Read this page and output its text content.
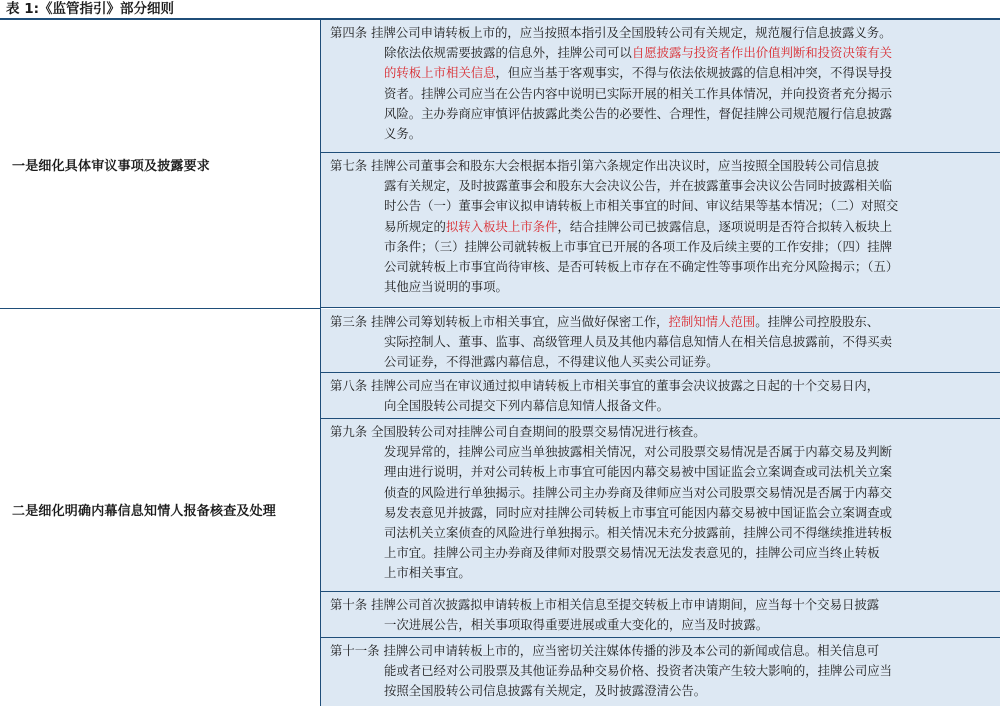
表 1:《监管指引》部分细则
一是细化具体审议事项及披露要求

第四条 挂牌公司申请转板上市的，应当按照本指引及全国股转公司有关规定，规范履行信息披露义务。

除依法依规需要披露的信息外，挂牌公司可以自愿披露与投资者作出价值判断和投资决策有关

的转板上市相关信息，但应当基于客观事实，不得与依法依规披露的信息相冲突，不得误导投

资者。挂牌公司应当在公告内容中说明已实际开展的相关工作具体情况，并向投资者充分揭示

风险。主办券商应审慎评估披露此类公告的必要性、合理性，督促挂牌公司规范履行信息披露

义务。

第七条 挂牌公司董事会和股东大会根据本指引第六条规定作出决议时，应当按照全国股转公司信息披

露有关规定，及时披露董事会和股东大会决议公告，并在披露董事会决议公告同时披露相关临

时公告（一）董事会审议拟申请转板上市相关事宜的时间、审议结果等基本情况；（二）对照交

易所规定的拟转入板块上市条件，结合挂牌公司已披露信息，逐项说明是否符合拟转入板块上

市条件；（三）挂牌公司就转板上市事宜已开展的各项工作及后续主要的工作安排；（四）挂牌

公司就转板上市事宜尚待审核、是否可转板上市存在不确定性等事项作出充分风险揭示；（五）

其他应当说明的事项。

二是细化明确内幕信息知情人报备核查及处理

第三条 挂牌公司筹划转板上市相关事宜，应当做好保密工作，控制知情人范围。挂牌公司控股股东、

实际控制人、董事、监事、高级管理人员及其他内幕信息知情人在相关信息披露前，不得买卖

公司证券，不得泄露内幕信息，不得建议他人买卖公司证券。

第八条 挂牌公司应当在审议通过拟申请转板上市相关事宜的董事会决议披露之日起的十个交易日内，

向全国股转公司提交下列内幕信息知情人报备文件。

第九条 全国股转公司对挂牌公司自查期间的股票交易情况进行核查。

发现异常的，挂牌公司应当单独披露相关情况，对公司股票交易情况是否属于内幕交易及判断

理由进行说明，并对公司转板上市事宜可能因内幕交易被中国证监会立案调查或司法机关立案

侦查的风险进行单独揭示。挂牌公司主办券商及律师应当对公司股票交易情况是否属于内幕交

易发表意见并披露，同时应对挂牌公司转板上市事宜可能因内幕交易被中国证监会立案调查或

司法机关立案侦查的风险进行单独揭示。相关情况未充分披露前，挂牌公司不得继续推进转板

上市宜。挂牌公司主办券商及律师对股票交易情况无法发表意见的，挂牌公司应当终止转板

上市相关事宜。

第十条 挂牌公司首次披露拟申请转板上市相关信息至提交转板上市申请期间，应当每十个交易日披露

一次进展公告，相关事项取得重要进展或重大变化的，应当及时披露。

第十一条 挂牌公司申请转板上市的，应当密切关注媒体传播的涉及本公司的新闻或信息。相关信息可

能或者已经对公司股票及其他证券品种交易价格、投资者决策产生较大影响的，挂牌公司应当

按照全国股转公司信息披露有关规定，及时披露澄清公告。
